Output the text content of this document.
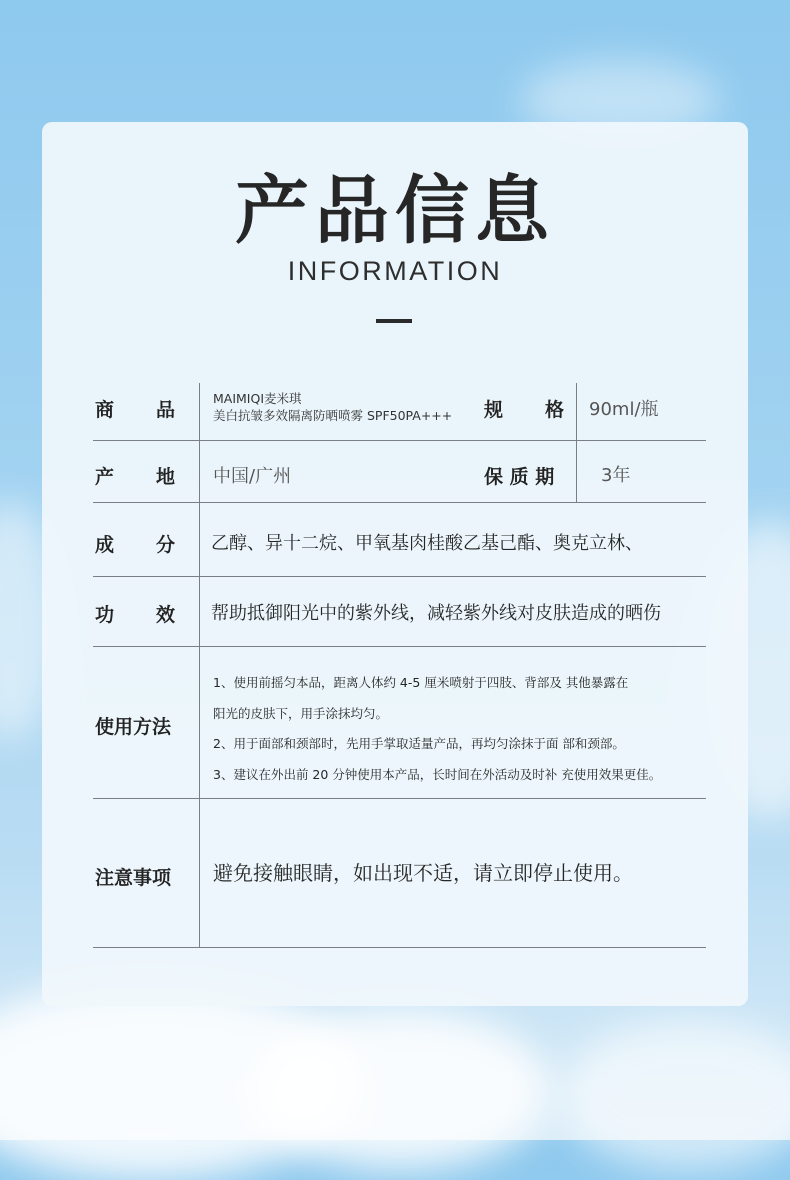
产品信息
INFORMATION
商 品
MAIMIQI麦米琪
美白抗皱多效隔离防晒喷雾 SPF50PA+++ 规 格 90ml/瓶
产 地 中国/广州	保 质 期	3年
成 分 乙醇、异十二烷、甲氧基肉桂酸乙基己酯、奥克立林、
功 效 帮助抵御阳光中的紫外线，减轻紫外线对皮肤造成的晒伤
使用方法
1、使用前摇匀本品，距离人体约 4-5 厘米喷射于四肢、背部及 其他暴露在
阳光的皮肤下，用手涂抹均匀。
2、用于面部和颈部时，先用手掌取适量产品，再均匀涂抹于面 部和颈部。
3、建议在外出前 20 分钟使用本产品，长时间在外活动及时补 充使用效果更佳。
注意事项 避免接触眼睛，如出现不适，请立即停止使用。
